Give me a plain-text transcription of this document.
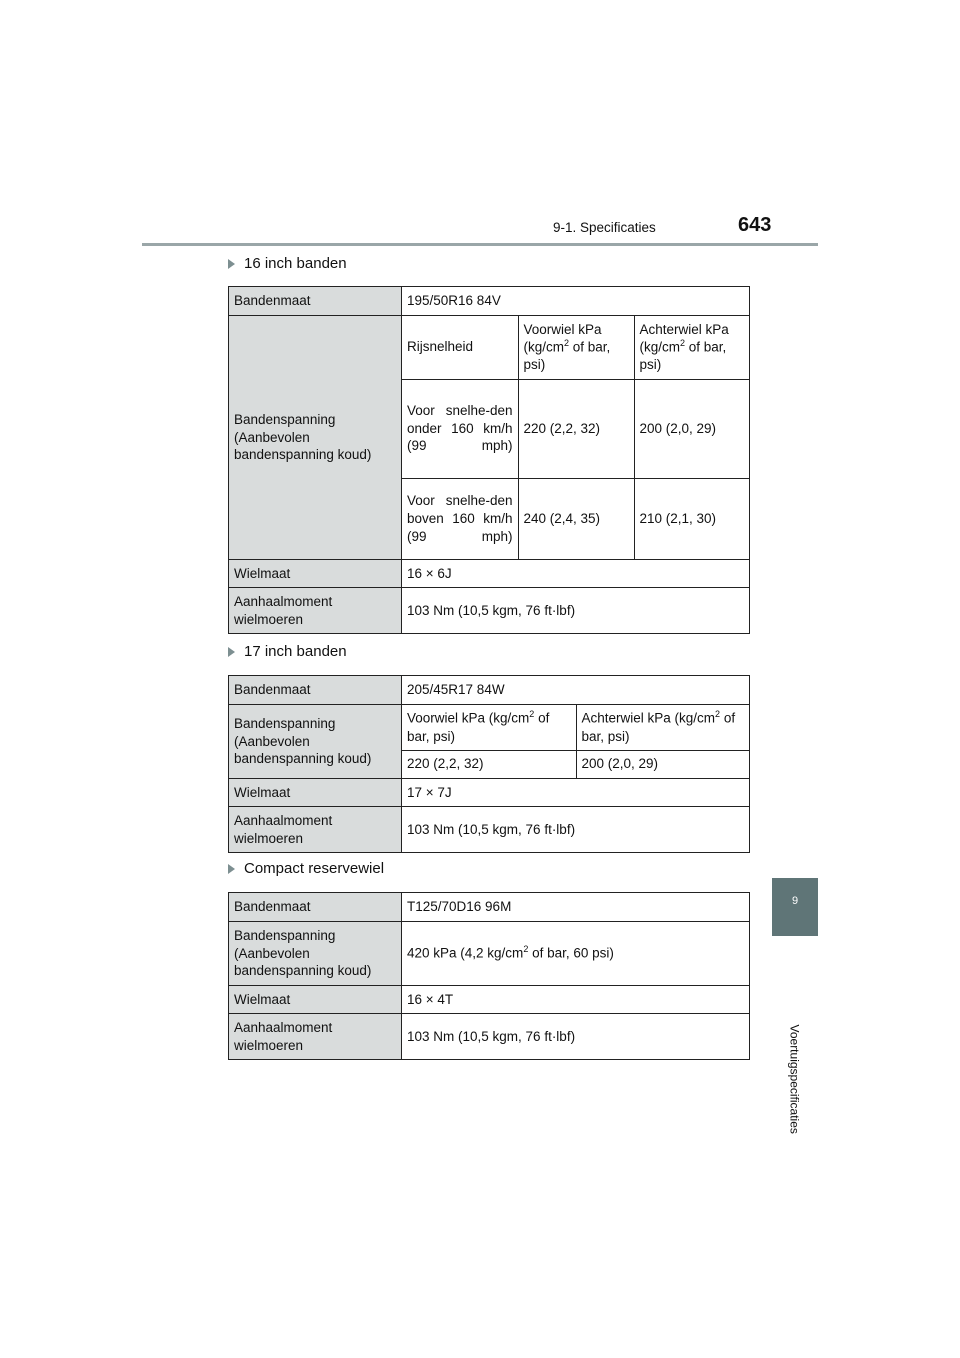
9-1. Specificaties	643
9
Voertuigspecificaties
16 inch banden
Bandenmaat	195/50R16 84V
Bandenspanning (Aanbevolen bandenspanning koud)	
Rijsnelheid	Voorwiel kPa ($kg/cm^2$ of bar, psi)	Achterwiel kPa ($kg/cm^2$ of bar, psi)
Voor snelhe-den onder 160 km/h (99 mph)	220 (2,2, 32)	200 (2,0, 29)
Voor snelhe-den boven 160 km/h (99 mph)	240 (2,4, 35)	210 (2,1, 30)

Wielmaat	16 × 6J
Aanhaalmoment wielmoeren	103 Nm (10,5 kgm, 76 ft·lbf)
17 inch banden
Bandenmaat	205/45R17 84W
Bandenspanning (Aanbevolen bandenspanning koud)	
Voorwiel kPa ($kg/cm^2$ of bar, psi)	Achterwiel kPa ($kg/cm^2$ of bar, psi)
220 (2,2, 32)	200 (2,0, 29)

Wielmaat	17 × 7J
Aanhaalmoment wielmoeren	103 Nm (10,5 kgm, 76 ft·lbf)
Compact reservewiel
Bandenmaat	T125/70D16 96M
Bandenspanning (Aanbevolen bandenspanning koud)	420 kPa (4,2 $kg/cm^2$ of bar, 60 psi)
Wielmaat	16 × 4T
Aanhaalmoment wielmoeren	103 Nm (10,5 kgm, 76 ft·lbf)
